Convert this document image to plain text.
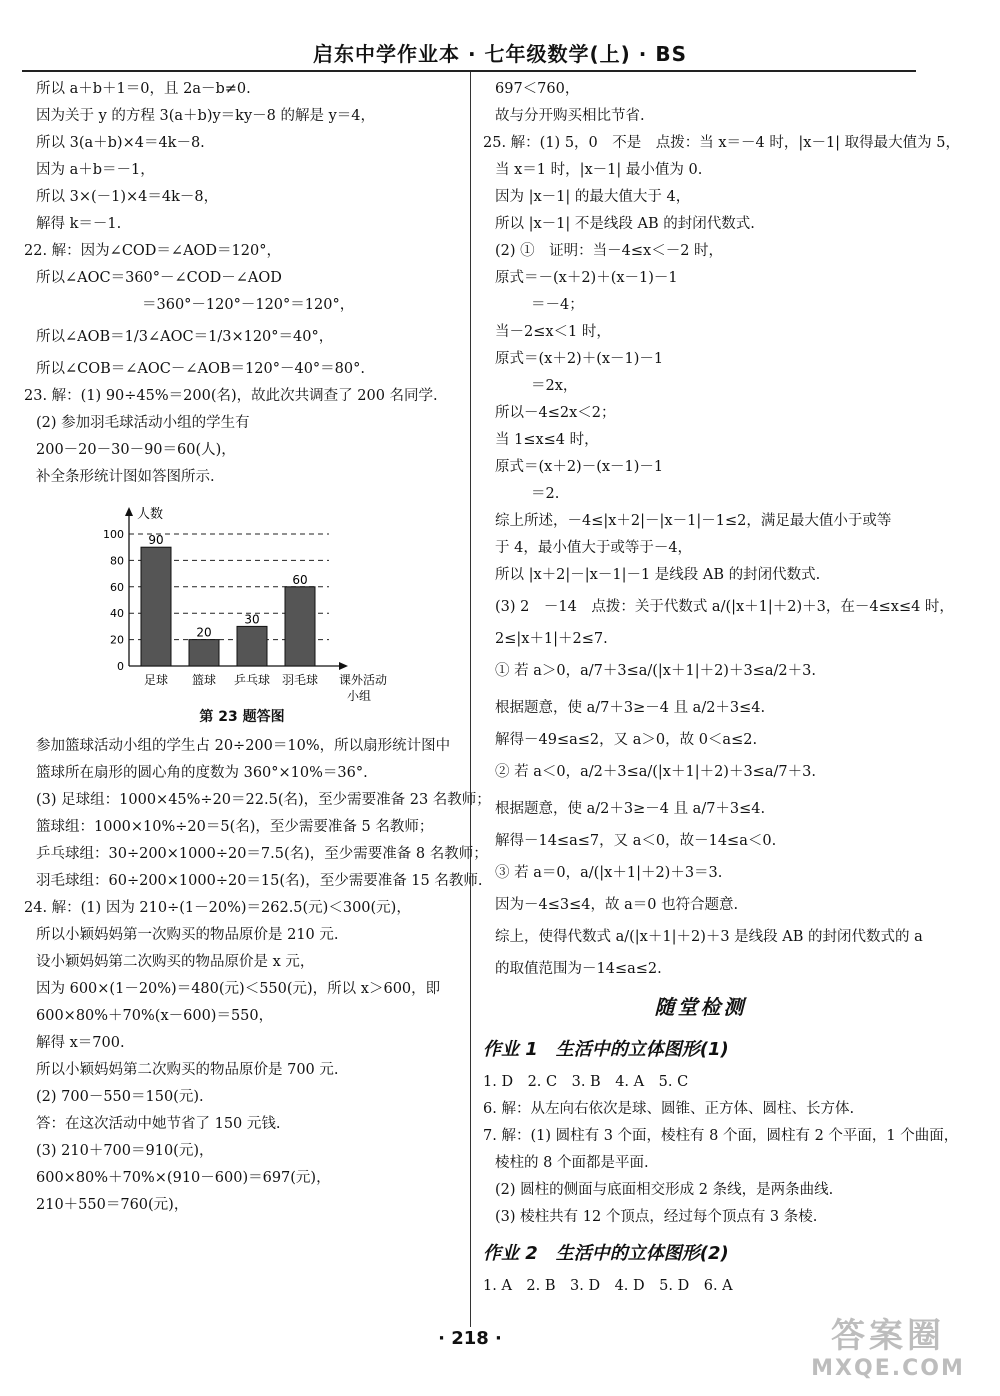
启东中学作业本 · 七年级数学(上) · BS
所以 a＋b＋1＝0，且 2a－b≠0.
因为关于 y 的方程 3(a＋b)y＝ky－8 的解是 y＝4，
所以 3(a＋b)×4＝4k－8.
因为 a＋b＝－1，
所以 3×(－1)×4＝4k－8，
解得 k＝－1.
22. 解：因为∠COD＝∠AOD＝120°，
所以∠AOC＝360°－∠COD－∠AOD
＝360°－120°－120°＝120°，
所以∠AOB＝1/3∠AOC＝1/3×120°＝40°，
所以∠COB＝∠AOC－∠AOB＝120°－40°＝80°.
23. 解：(1) 90÷45%＝200(名)，故此次共调查了 200 名同学.
(2) 参加羽毛球活动小组的学生有
200－20－30－90＝60(人)，
补全条形统计图如答图所示.
0
20
40
60
80
100
人数
课外活动
小组
90
足球
20
篮球
30
乒乓球
60
羽毛球
第 23 题答图
参加篮球活动小组的学生占 20÷200＝10%，所以扇形统计图中
篮球所在扇形的圆心角的度数为 360°×10%＝36°.
(3) 足球组：1000×45%÷20＝22.5(名)，至少需要准备 23 名教师；
篮球组：1000×10%÷20＝5(名)，至少需要准备 5 名教师；
乒乓球组：30÷200×1000÷20＝7.5(名)，至少需要准备 8 名教师；
羽毛球组：60÷200×1000÷20＝15(名)，至少需要准备 15 名教师.
24. 解：(1) 因为 210÷(1－20%)＝262.5(元)＜300(元)，
所以小颖妈妈第一次购买的物品原价是 210 元.
设小颖妈妈第二次购买的物品原价是 x 元，
因为 600×(1－20%)＝480(元)＜550(元)，所以 x＞600，即
600×80%＋70%(x－600)＝550，
解得 x＝700.
所以小颖妈妈第二次购买的物品原价是 700 元.
(2) 700－550＝150(元).
答：在这次活动中她节省了 150 元钱.
(3) 210＋700＝910(元)，
600×80%＋70%×(910－600)＝697(元)，
210＋550＝760(元)，
697＜760，
故与分开购买相比节省.
25. 解：(1) 5，0　不是　点拨：当 x＝－4 时，|x－1| 取得最大值为 5，
当 x＝1 时，|x－1| 最小值为 0.
因为 |x－1| 的最大值大于 4，
所以 |x－1| 不是线段 AB 的封闭代数式.
(2) ①　证明：当－4≤x＜－2 时，
原式＝－(x＋2)＋(x－1)－1
＝－4；
当－2≤x＜1 时，
原式＝(x＋2)＋(x－1)－1
＝2x，
所以－4≤2x＜2；
当 1≤x≤4 时，
原式＝(x＋2)－(x－1)－1
＝2.
综上所述，－4≤|x＋2|－|x－1|－1≤2，满足最大值小于或等
于 4，最小值大于或等于－4，
所以 |x＋2|－|x－1|－1 是线段 AB 的封闭代数式.
(3) 2　－14　点拨：关于代数式 a/(|x＋1|＋2)＋3，在－4≤x≤4 时，
2≤|x＋1|＋2≤7.
① 若 a＞0，a/7＋3≤a/(|x＋1|＋2)＋3≤a/2＋3.
根据题意，使 a/7＋3≥－4 且 a/2＋3≤4.
解得－49≤a≤2，又 a＞0，故 0＜a≤2.
② 若 a＜0，a/2＋3≤a/(|x＋1|＋2)＋3≤a/7＋3.
根据题意，使 a/2＋3≥－4 且 a/7＋3≤4.
解得－14≤a≤7，又 a＜0，故－14≤a＜0.
③ 若 a＝0，a/(|x＋1|＋2)＋3＝3.
因为－4≤3≤4，故 a＝0 也符合题意.
综上，使得代数式 a/(|x＋1|＋2)＋3 是线段 AB 的封闭代数式的 a
的取值范围为－14≤a≤2.
随堂检测
作业 1　生活中的立体图形(1)
1. D　2. C　3. B　4. A　5. C
6. 解：从左向右依次是球、圆锥、正方体、圆柱、长方体.
7. 解：(1) 圆柱有 3 个面，棱柱有 8 个面，圆柱有 2 个平面，1 个曲面，
棱柱的 8 个面都是平面.
(2) 圆柱的侧面与底面相交形成 2 条线，是两条曲线.
(3) 棱柱共有 12 个顶点，经过每个顶点有 3 条棱.
作业 2　生活中的立体图形(2)
1. A　2. B　3. D　4. D　5. D　6. A
· 218 ·	答案圈
MXQE.COM
